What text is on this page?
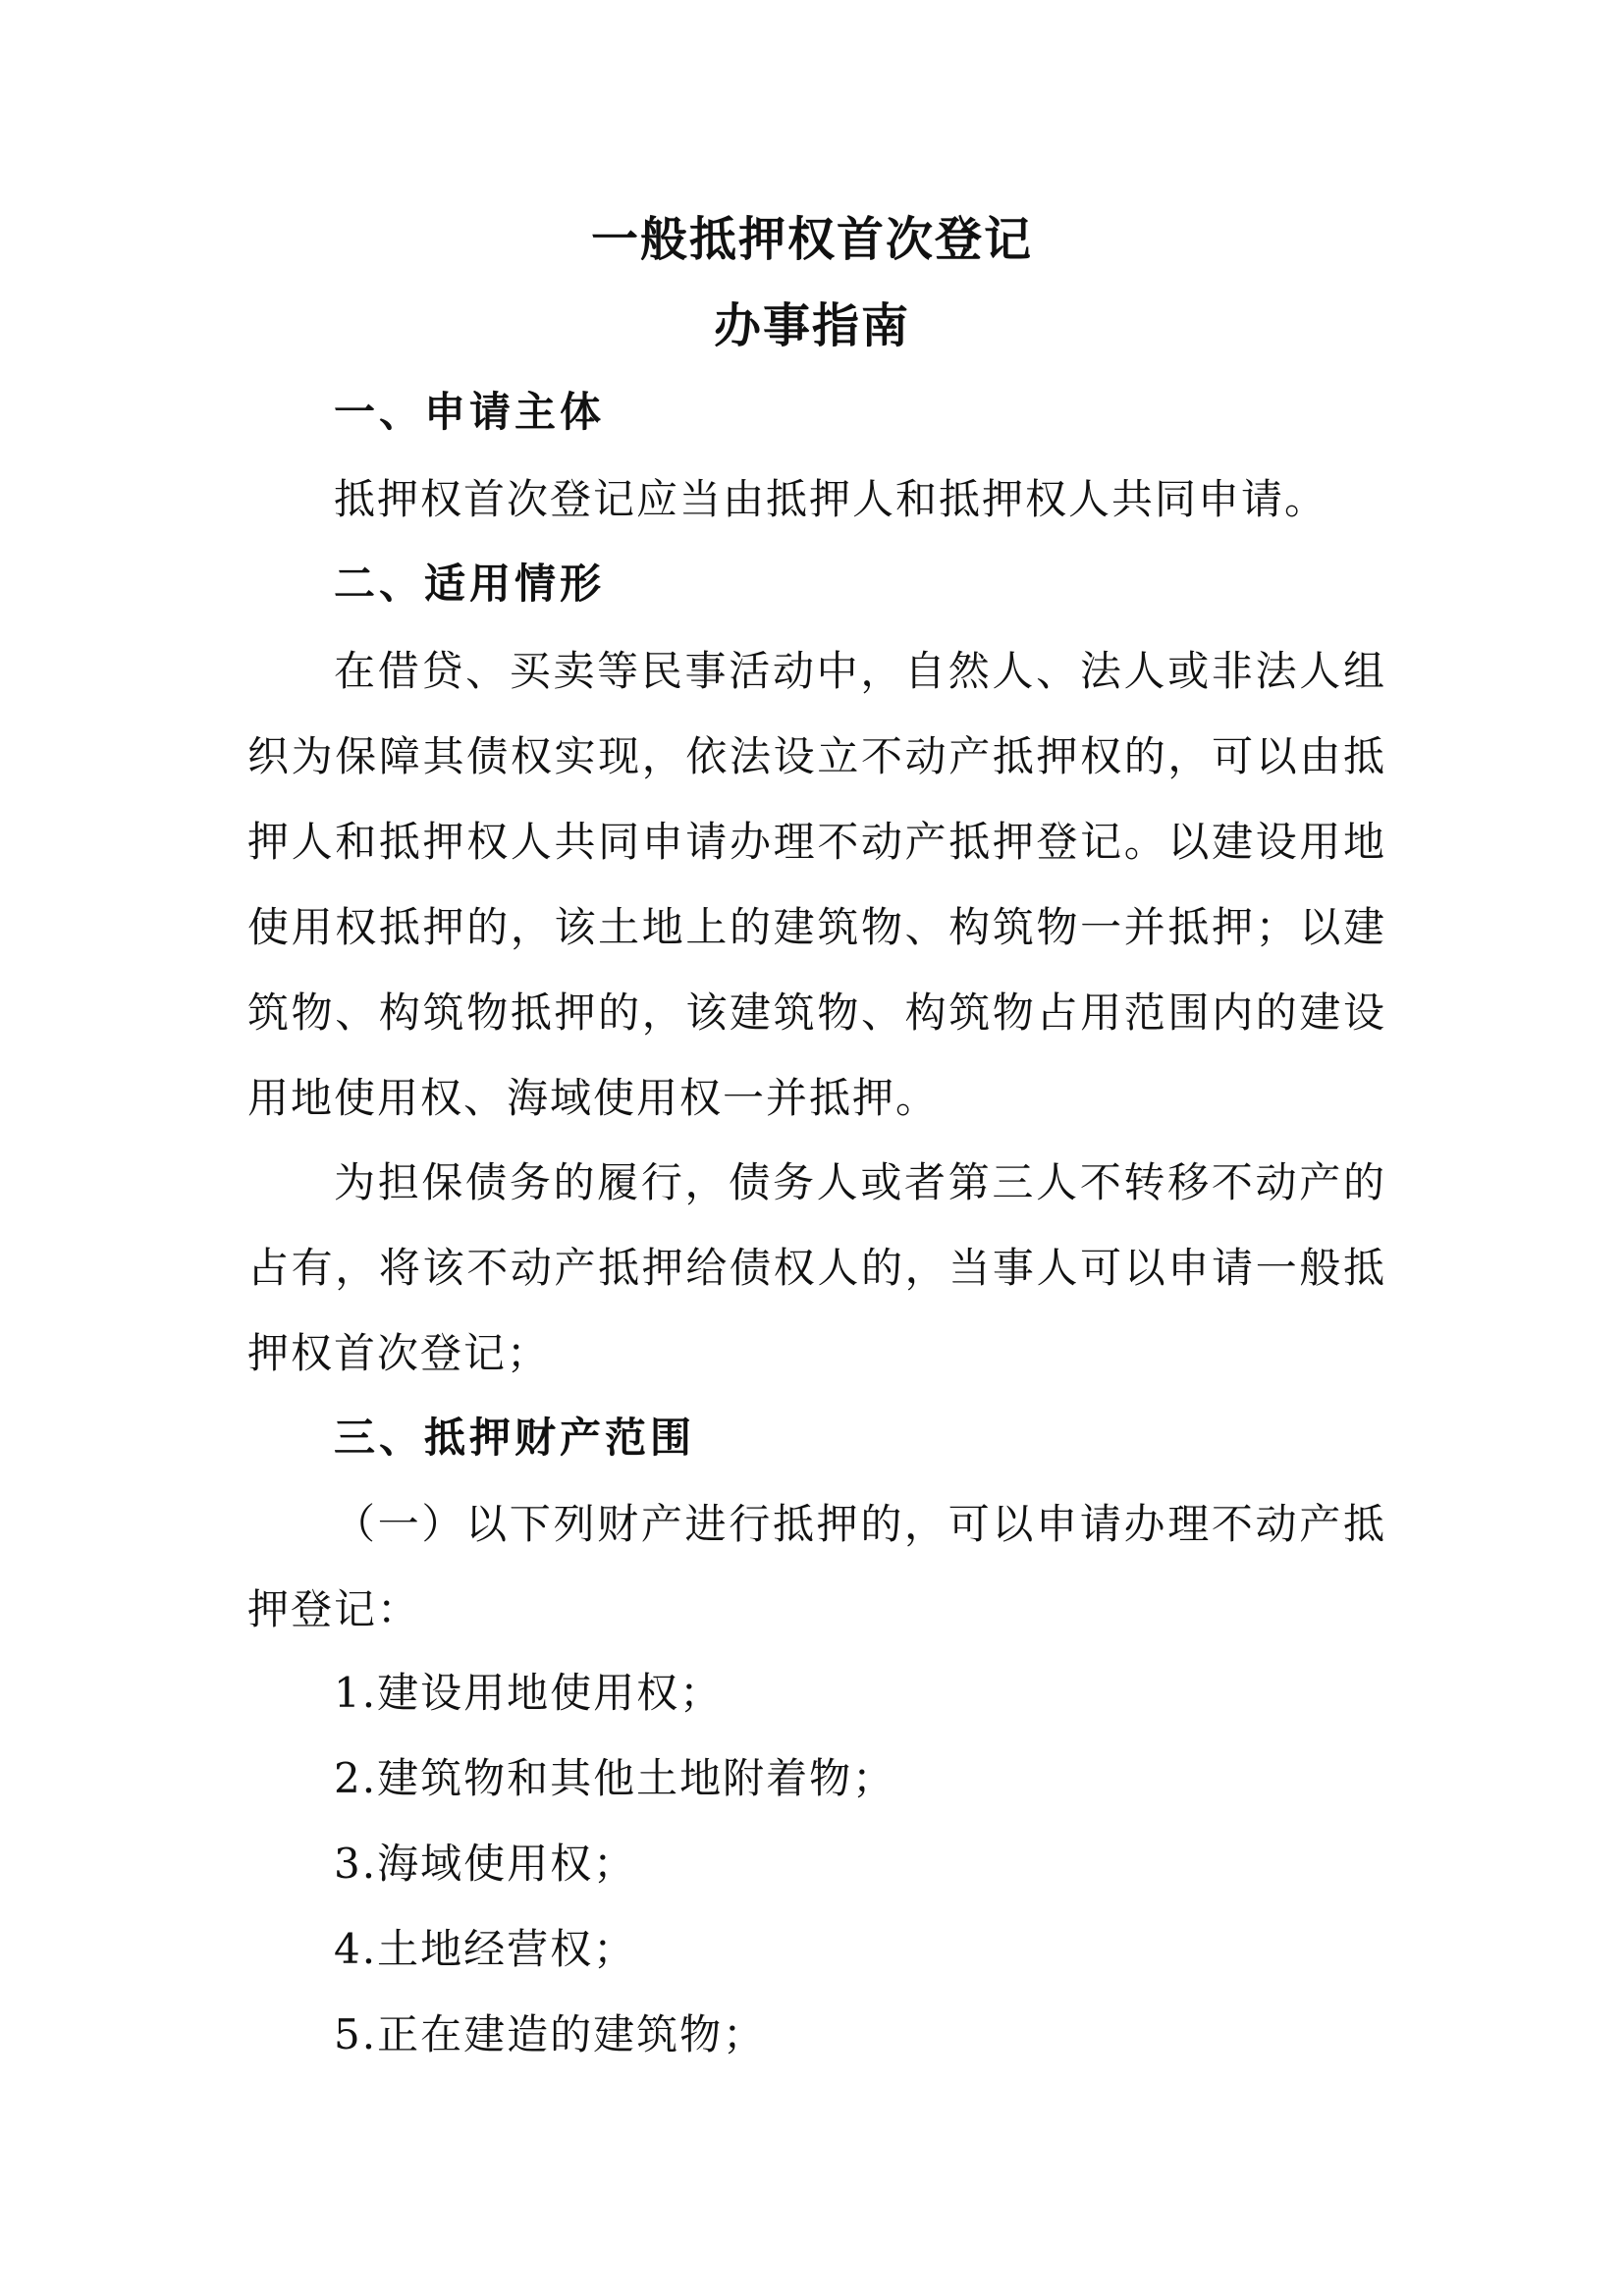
一般抵押权首次登记
办事指南
一、申请主体

抵押权首次登记应当由抵押人和抵押权人共同申请。

二、适用情形

在借贷、买卖等民事活动中，自然人、法人或非法人组织为保障其债权实现，依法设立不动产抵押权的，可以由抵押人和抵押权人共同申请办理不动产抵押登记。以建设用地使用权抵押的，该土地上的建筑物、构筑物一并抵押；以建筑物、构筑物抵押的，该建筑物、构筑物占用范围内的建设用地使用权、海域使用权一并抵押。

为担保债务的履行，债务人或者第三人不转移不动产的占有，将该不动产抵押给债权人的，当事人可以申请一般抵押权首次登记；

三、抵押财产范围

（一）以下列财产进行抵押的，可以申请办理不动产抵押登记：

1.建设用地使用权；
2.建筑物和其他土地附着物；
3.海域使用权；
4.土地经营权；
5.正在建造的建筑物；
